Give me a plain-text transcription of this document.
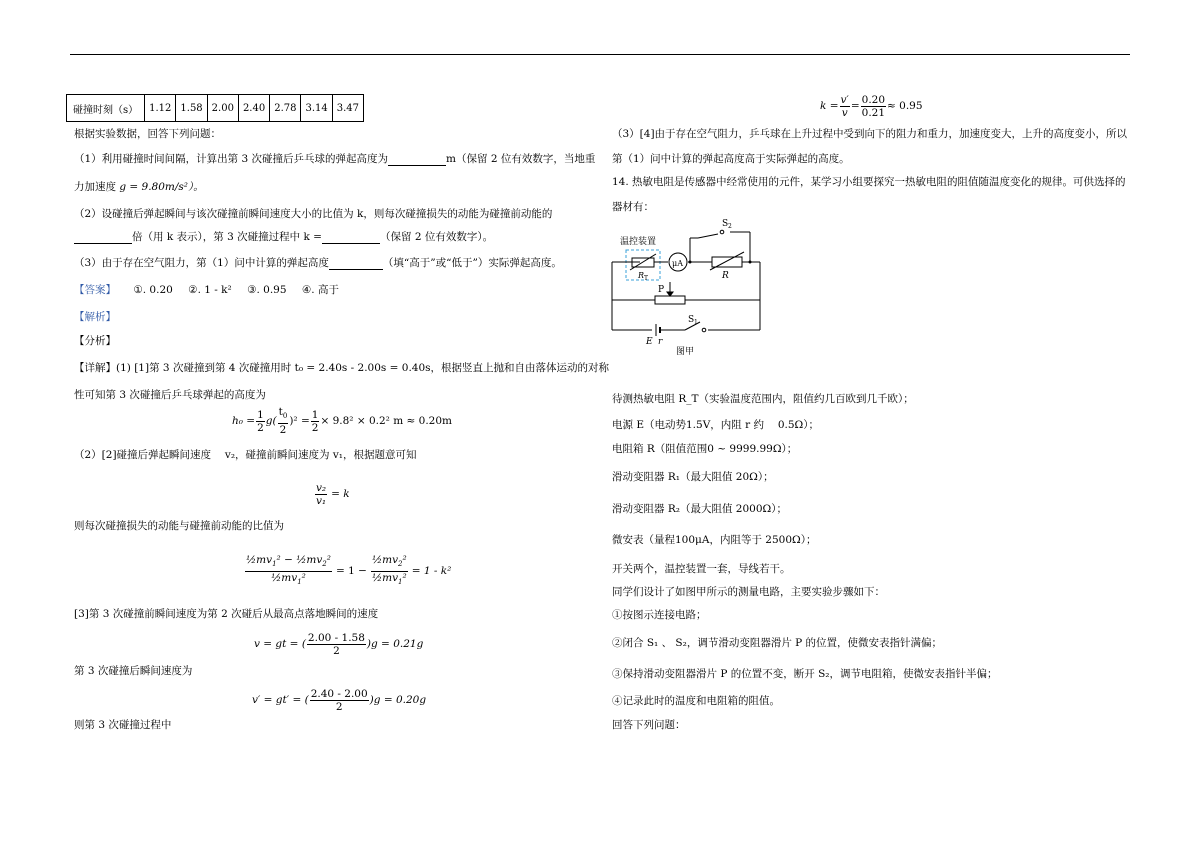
碰撞时刻（s）	1.12	1.58	2.00	2.40	2.78	3.14	3.47
根据实验数据，回答下列问题：
（1）利用碰撞时间间隔，计算出第 3 次碰撞后乒乓球的弹起高度为	m（保留 2 位有效数字，当地重
力加速度 g = 9.80m/s²）。
（2）设碰撞后弹起瞬间与该次碰撞前瞬间速度大小的比值为 k，则每次碰撞损失的动能为碰撞前动能的
倍（用 k 表示），第 3 次碰撞过程中 k =	（保留 2 位有效数字）。
（3）由于存在空气阻力，第（1）问中计算的弹起高度	（填“高于”或“低于”）实际弹起高度。
【答案】 ①. 0.20 ②. 1 - k² ③. 0.95 ④. 高于
【解析】
【分析】
【详解】(1) [1]第 3 次碰撞到第 4 次碰撞用时 t₀ = 2.40s - 2.00s = 0.40s，根据竖直上抛和自由落体运动的对称
性可知第 3 次碰撞后乒乓球弹起的高度为
$h_0 = \frac{1}{2} g( \frac{t_0}{2} )^2 = \frac{1}{2} \times 9.8^2 \times 0.2^2$ m ≈ 0.20m
（2）[2]碰撞后弹起瞬间速度　 v₂，碰撞前瞬间速度为 v₁，根据题意可知
$\frac{\text{v₂}}{\text{v₁}} = k$
则每次碰撞损失的动能与碰撞前动能的比值为
$\frac{\frac{1}{2}mv_1^2 - \frac{1}{2}mv_2^2}{\frac{1}{2}mv_1^2} = 1 - \frac{\frac{1}{2}mv_2^2}{\frac{1}{2}mv_1^2} = 1 - k^2$
[3]第 3 次碰撞前瞬间速度为第 2 次碰后从最高点落地瞬间的速度
v = gt = ( $\frac{2.00 - 1.58}{2} )g = 0.21g$
第 3 次碰撞后瞬间速度为
v′ = gt′ = ( $\frac{2.40 - 2.00}{2} )g = 0.20g$
则第 3 次碰撞过程中
$k = \frac{v'}{v} = \frac{0.20}{0.21} \approx 0.95$
（3）[4]由于存在空气阻力，乒乓球在上升过程中受到向下的阻力和重力，加速度变大，上升的高度变小，所以
第（1）问中计算的弹起高度高于实际弹起的高度。
14. 热敏电阻是传感器中经常使用的元件，某学习小组要探究一热敏电阻的阻值随温度变化的规律。可供选择的
器材有：
μA
R
S 2
温控装置
R T
P
S 1
E r
图甲
待测热敏电阻 R_T（实验温度范围内，阻值约几百欧到几千欧）；
电源 E（电动势1.5V，内阻 r 约　 0.5Ω）；
电阻箱 R（阻值范围0 ~ 9999.99Ω）；
滑动变阻器 R₁（最大阻值 20Ω）；
滑动变阻器 R₂（最大阻值 2000Ω）；
微安表（量程100μA，内阻等于 2500Ω）；
开关两个，温控装置一套，导线若干。
同学们设计了如图甲所示的测量电路，主要实验步骤如下：
①按图示连接电路；
②闭合 S₁ 、 S₂，调节滑动变阻器滑片 P 的位置，使微安表指针满偏；
③保持滑动变阻器滑片 P 的位置不变，断开 S₂，调节电阻箱，使微安表指针半偏；
④记录此时的温度和电阻箱的阻值。
回答下列问题：
